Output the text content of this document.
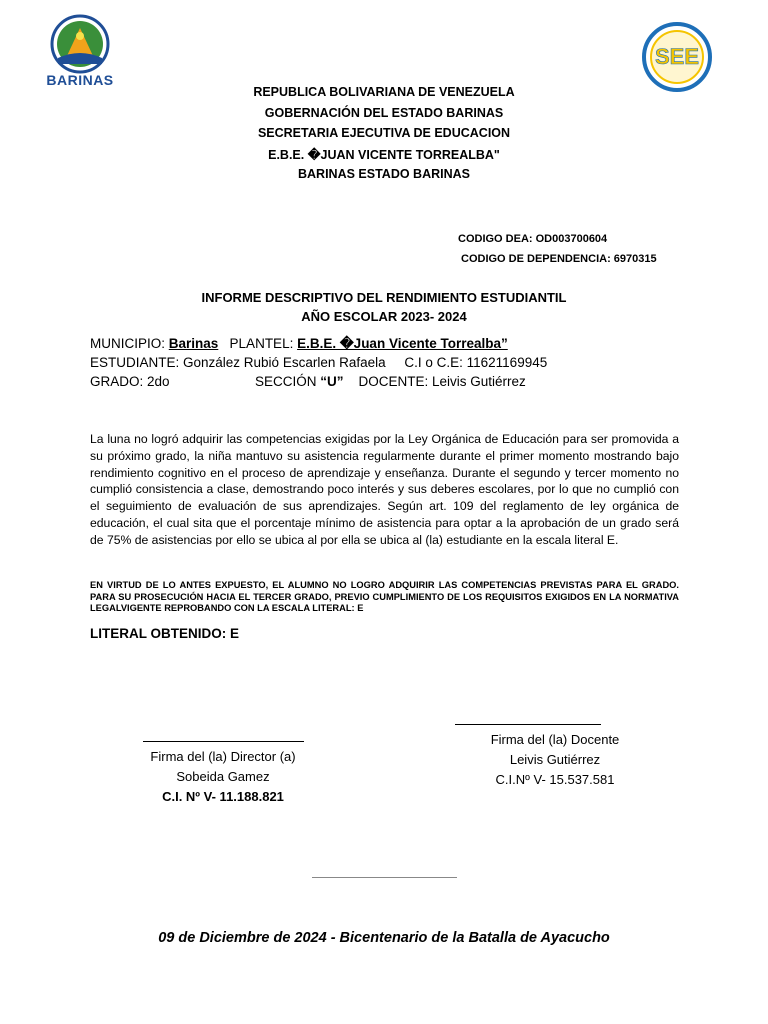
BARINAS
SEE
REPUBLICA BOLIVARIANA DE VENEZUELA
GOBERNACIÓN DEL ESTADO BARINAS
SECRETARIA EJECUTIVA DE EDUCACION
E.B.E. �JUAN VICENTE TORREALBA"
BARINAS ESTADO BARINAS
CODIGO DEA: OD003700604
CODIGO DE DEPENDENCIA: 6970315
INFORME DESCRIPTIVO DEL RENDIMIENTO ESTUDIANTIL
AÑO ESCOLAR 2023- 2024
MUNICIPIO: Barinas   PLANTEL: E.B.E. �Juan Vicente Torrealba”
ESTUDIANTE: González Rubió Escarlen Rafaela     C.I o C.E: 11621169945
GRADO: 2do	SECCIÓN “U”    DOCENTE: Leivis Gutiérrez
La luna no logró adquirir las competencias exigidas por la Ley Orgánica de Educación para ser promovida a su próximo grado, la niña mantuvo su asistencia regularmente durante el primer momento mostrando bajo rendimiento cognitivo en el proceso de aprendizaje y enseñanza. Durante el segundo y tercer momento no cumplió consistencia a clase, demostrando poco interés y sus deberes escolares, por lo que no cumplió con el seguimiento de evaluación de sus aprendizajes. Según art. 109 del reglamento de ley orgánica de educación, el cual sita que el porcentaje mínimo de asistencia para optar a la aprobación de un grado será de 75% de asistencias por ello se ubica al por ella se ubica al (la) estudiante en la escala literal E.
EN VIRTUD DE LO ANTES EXPUESTO, EL ALUMNO NO LOGRO ADQUIRIR LAS COMPETENCIAS PREVISTAS PARA EL GRADO. PARA SU PROSECUCIÓN HACIA EL TERCER GRADO, PREVIO CUMPLIMIENTO DE LOS REQUISITOS EXIGIDOS EN LA NORMATIVA LEGALVIGENTE REPROBANDO CON LA ESCALA LITERAL: E
LITERAL OBTENIDO: E
Firma del (la) Director (a)
Sobeida Gamez
C.I. Nº V- 11.188.821
Firma del (la) Docente
Leivis Gutiérrez
C.I.Nº V- 15.537.581
09 de Diciembre de 2024 - Bicentenario de la Batalla de Ayacucho
